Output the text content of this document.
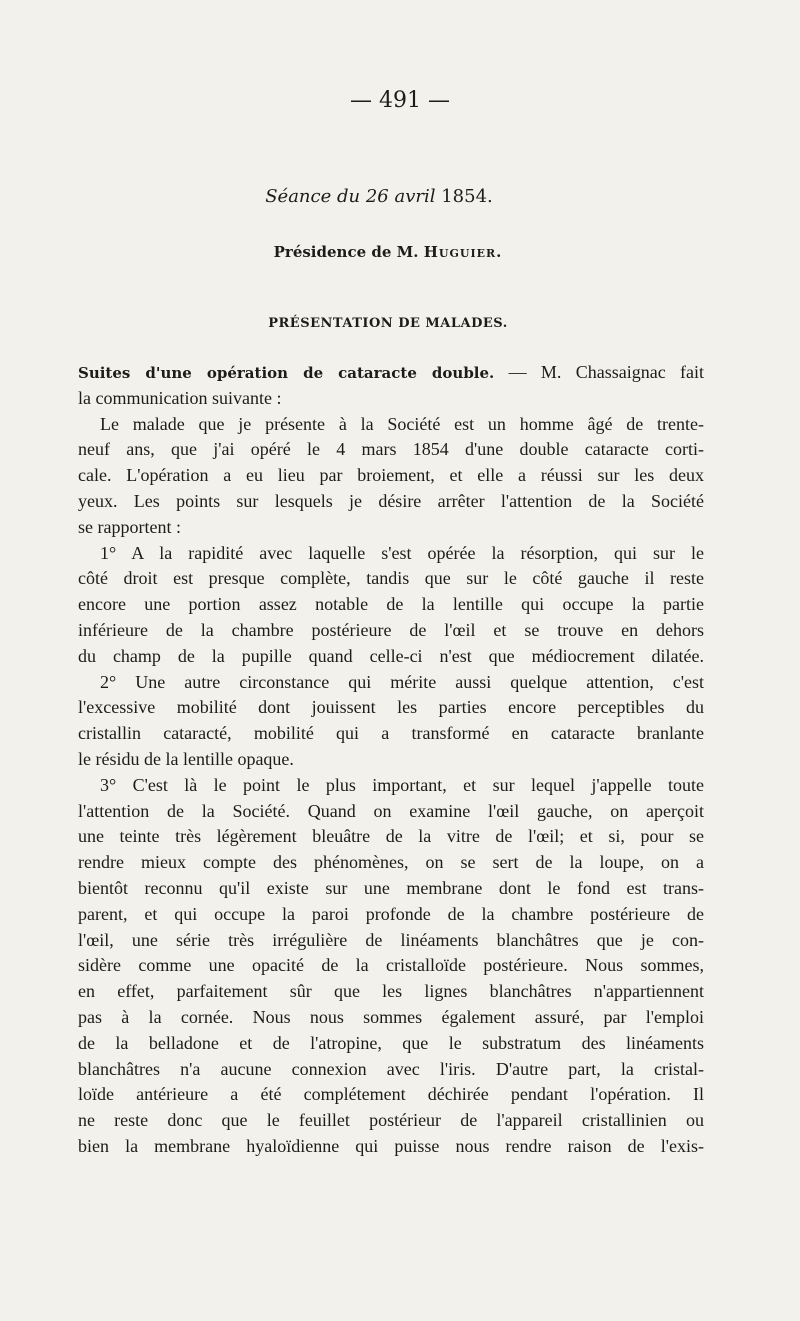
— 491 —
Séance du 26 avril 1854.
Présidence de M. Huguier.
PRÉSENTATION DE MALADES.
Suites d'une opération de cataracte double. — M. Chassaignac fait
la communication suivante :
Le malade que je présente à la Société est un homme âgé de trente-
neuf ans, que j'ai opéré le 4 mars 1854 d'une double cataracte corti-
cale. L'opération a eu lieu par broiement, et elle a réussi sur les deux
yeux. Les points sur lesquels je désire arrêter l'attention de la Société
se rapportent :
1° A la rapidité avec laquelle s'est opérée la résorption, qui sur le
côté droit est presque complète, tandis que sur le côté gauche il reste
encore une portion assez notable de la lentille qui occupe la partie
inférieure de la chambre postérieure de l'œil et se trouve en dehors
du champ de la pupille quand celle-ci n'est que médiocrement dilatée.
2° Une autre circonstance qui mérite aussi quelque attention, c'est
l'excessive mobilité dont jouissent les parties encore perceptibles du
cristallin cataracté, mobilité qui a transformé en cataracte branlante
le résidu de la lentille opaque.
3° C'est là le point le plus important, et sur lequel j'appelle toute
l'attention de la Société. Quand on examine l'œil gauche, on aperçoit
une teinte très légèrement bleuâtre de la vitre de l'œil; et si, pour se
rendre mieux compte des phénomènes, on se sert de la loupe, on a
bientôt reconnu qu'il existe sur une membrane dont le fond est trans-
parent, et qui occupe la paroi profonde de la chambre postérieure de
l'œil, une série très irrégulière de linéaments blanchâtres que je con-
sidère comme une opacité de la cristalloïde postérieure. Nous sommes,
en effet, parfaitement sûr que les lignes blanchâtres n'appartiennent
pas à la cornée. Nous nous sommes également assuré, par l'emploi
de la belladone et de l'atropine, que le substratum des linéaments
blanchâtres n'a aucune connexion avec l'iris. D'autre part, la cristal-
loïde antérieure a été complétement déchirée pendant l'opération. Il
ne reste donc que le feuillet postérieur de l'appareil cristallinien ou
bien la membrane hyaloïdienne qui puisse nous rendre raison de l'exis-
